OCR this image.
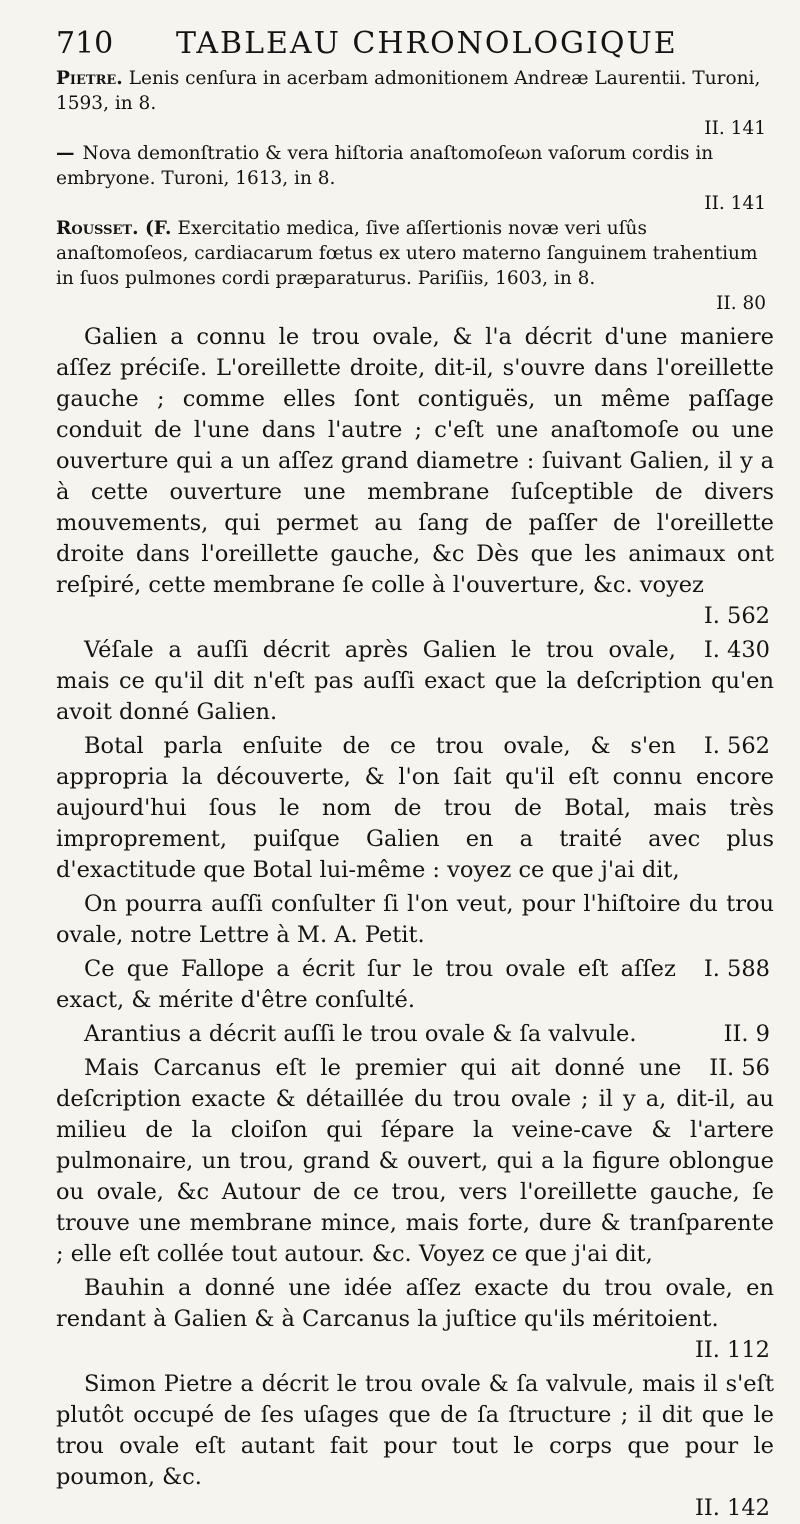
710 TABLEAU CHRONOLOGIQUE

Pietre. Lenis cenſura in acerbam admonitionem Andreæ Laurentii. Turoni, 1593, in 8.
II. 141

— Nova demonſtratio & vera hiſtoria anaſtomoſeωn vaſorum cordis in embryone. Turoni, 1613, in 8.
II. 141

Rousset. (F. Exercitatio medica, ſive aſſertionis novæ veri uſûs anaſtomoſeos, cardiacarum fœtus ex utero materno ſanguinem trahentium in ſuos pulmones cordi præparaturus. Pariſiis, 1603, in 8.
II. 80

Galien a connu le trou ovale, & l'a décrit d'une maniere aſſez préciſe. L'oreillette droite, dit-il, s'ouvre dans l'oreillette gauche ; comme elles ſont contiguës, un même paſſage conduit de l'une dans l'autre ; c'eſt une anaſtomoſe ou une ouverture qui a un aſſez grand diametre : ſuivant Galien, il y a à cette ouverture une membrane ſuſceptible de divers mouvements, qui permet au ſang de paſſer de l'oreillette droite dans l'oreillette gauche, &c Dès que les animaux ont reſpiré, cette membrane ſe colle à l'ouverture, &c. voyez
I. 562

I. 430
Véſale a auſſi décrit après Galien le trou ovale, mais ce qu'il dit n'eſt pas auſſi exact que la deſcription qu'en avoit donné Galien.

I. 562
Botal parla enſuite de ce trou ovale, & s'en appropria la découverte, & l'on ſait qu'il eſt connu encore aujourd'hui ſous le nom de trou de Botal, mais très improprement, puiſque Galien en a traité avec plus d'exactitude que Botal lui-même : voyez ce que j'ai dit,

On pourra auſſi conſulter ſi l'on veut, pour l'hiſtoire du trou ovale, notre Lettre à M. A. Petit.

I. 588
Ce que Fallope a écrit ſur le trou ovale eſt aſſez exact, & mérite d'être conſulté.

II. 9
Arantius a décrit auſſi le trou ovale & ſa valvule.

II. 56
Mais Carcanus eſt le premier qui ait donné une deſcription exacte & détaillée du trou ovale ; il y a, dit-il, au milieu de la cloiſon qui ſépare la veine-cave & l'artere pulmonaire, un trou, grand & ouvert, qui a la figure oblongue ou ovale, &c Autour de ce trou, vers l'oreillette gauche, ſe trouve une membrane mince, mais forte, dure & tranſparente ; elle eſt collée tout autour. &c. Voyez ce que j'ai dit,

Bauhin a donné une idée aſſez exacte du trou ovale, en rendant à Galien & à Carcanus la juſtice qu'ils méritoient.
II. 112

Simon Pietre a décrit le trou ovale & ſa valvule, mais il s'eſt plutôt occupé de ſes uſages que de ſa ſtructure ; il dit que le trou ovale eſt autant fait pour tout le corps que pour le poumon, &c.
II. 142
